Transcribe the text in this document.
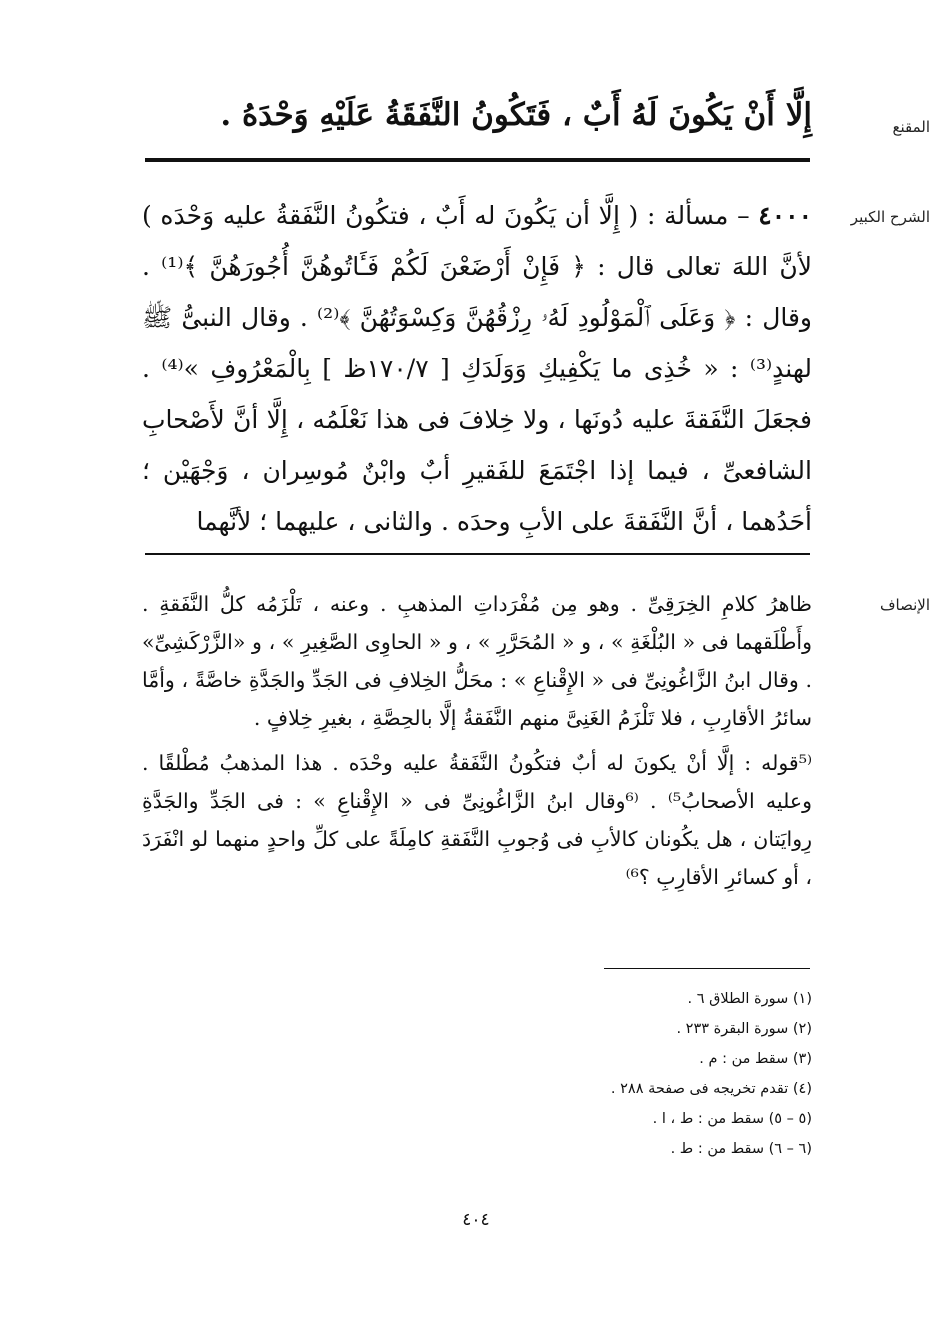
المقنع

إِلَّا أَنْ يَكُونَ لَهُ أَبٌ ، فَتَكُونُ النَّفَقَةُ عَلَيْهِ وَحْدَهُ .

الشرح الكبير

٤٠٠٠ – مسألة : ( إِلَّا أن يَكُونَ له أَبٌ ، فتكُونُ النَّفَقةُ عليه وَحْدَه ) لأنَّ اللهَ تعالى قال : ﴿ فَإِنْ أَرْضَعْنَ لَكُمْ فَـَٔاتُوهُنَّ أُجُورَهُنَّ ﴾⁽¹⁾ . وقال : ﴿ وَعَلَى ٱلْمَوْلُودِ لَهُۥ رِزْقُهُنَّ وَكِسْوَتُهُنَّ ﴾⁽²⁾ . وقال النبىُّ ﷺ لهندٍ⁽³⁾ : « خُذِى ما يَكْفِيكِ وَوَلَدَكِ [ ١٧٠/٧ظ ] بِالْمَعْرُوفِ »⁽⁴⁾ . فجعَلَ النَّفَقةَ عليه دُونَها ، ولا خِلافَ فى هذا نَعْلَمُه ، إِلَّا أنَّ لأَصْحابِ الشافعىِّ ، فيما إذا اجْتَمَعَ للفَقيرِ أبٌ وابْنٌ مُوسِران ، وَجْهَيْن ؛ أحَدُهما ، أنَّ النَّفَقةَ على الأبِ وحدَه . والثانى ، عليهما ؛ لأنَّهما

الإنصاف

ظاهرُ كلامِ الخِرَقِىِّ . وهو مِن مُفْرَداتِ المذهبِ . وعنه ، تَلْزَمُه كلُّ النَّفَقةِ . وأَطْلَقهما فى « البُلْغَةِ » ، و « المُحَرَّرِ » ، و « الحاوِى الصَّغِيرِ » ، و «الزَّرْكَشِىِّ» . وقال ابنُ الزَّاغُونِىِّ فى « الإِقْناعِ » : محَلُّ الخِلافِ فى الجَدِّ والجَدَّةِ خاصَّةً ، وأمَّا سائرُ الأقارِبِ ، فلا تَلْزَمُ الغَنِىَّ منهم النَّفَقةُ إلَّا بالحِصَّةِ ، بغيرِ خِلافٍ .

⁽⁵قوله : إلَّا أنْ يكونَ له أبٌ فتكُونُ النَّفَقةُ عليه وحْدَه . هذا المذهبُ مُطْلقًا . وعليه الأصحابُ⁵⁾ . ⁽⁶وقال ابنُ الزَّاغُونِىِّ فى « الإِقْناعِ » : فى الجَدِّ والجَدَّةِ رِوايَتان ، هل يكُونان كالأبِ فى وُجوبِ النَّفَقةِ كامِلَةً على كلِّ واحدٍ منهما لو انْفَرَدَ ، أو كسائرِ الأقارِبِ ؟⁶⁾

(١) سورة الطلاق ٦ .
(٢) سورة البقرة ٢٣٣ .
(٣) سقط من : م .
(٤) تقدم تخريجه فى صفحة ٢٨٨ .
(٥ – ٥) سقط من : ط ، ا .
(٦ – ٦) سقط من : ط .
٤٠٤
